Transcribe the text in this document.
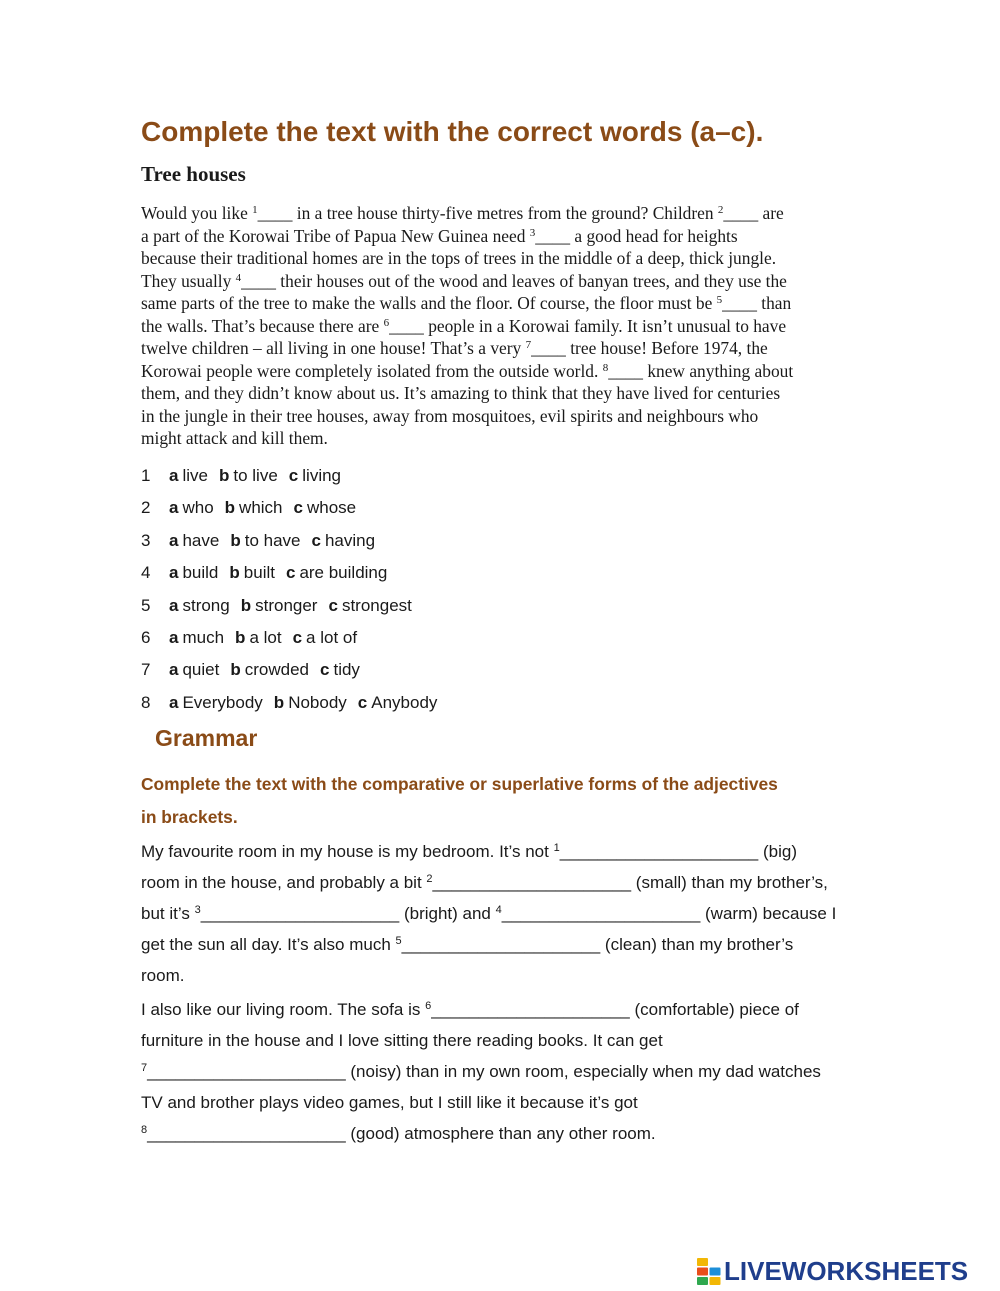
Complete the text with the correct words (a–c).
Tree houses
Would you like $^1$____ in a tree house thirty-five metres from the ground? Children $^2$____ are
a part of the Korowai Tribe of Papua New Guinea need $^3$____ a good head for heights
because their traditional homes are in the tops of trees in the middle of a deep, thick jungle.
They usually $^4$____ their houses out of the wood and leaves of banyan trees, and they use the
same parts of the tree to make the walls and the floor. Of course, the floor must be $^5$____ than
the walls. That’s because there are $^6$____ people in a Korowai family. It isn’t unusual to have
twelve children – all living in one house! That’s a very $^7$____ tree house! Before 1974, the
Korowai people were completely isolated from the outside world. $^8$____ knew anything about
them, and they didn’t know about us. It’s amazing to think that they have lived for centuries
in the jungle in their tree houses, away from mosquitoes, evil spirits and neighbours who
might attack and kill them.
1 a live b to live c living
2 a who b which c whose
3 a have b to have c having
4 a build b built c are building
5 a strong b stronger c strongest
6 a much b a lot c a lot of
7 a quiet b crowded c tidy
8 a Everybody b Nobody c Anybody
Grammar
Complete the text with the comparative or superlative forms of the adjectives
in brackets.
My favourite room in my house is my bedroom. It’s not $^1$_____________________ (big)
room in the house, and probably a bit $^2$_____________________ (small) than my brother’s,
but it’s $^3$_____________________ (bright) and $^4$_____________________ (warm) because I
get the sun all day. It’s also much $^5$_____________________ (clean) than my brother’s
room.
I also like our living room. The sofa is $^6$_____________________ (comfortable) piece of
furniture in the house and I love sitting there reading books. It can get
$^7$_____________________ (noisy) than in my own room, especially when my dad watches
TV and brother plays video games, but I still like it because it’s got
$^8$_____________________ (good) atmosphere than any other room.
LIVEWORKSHEETS
